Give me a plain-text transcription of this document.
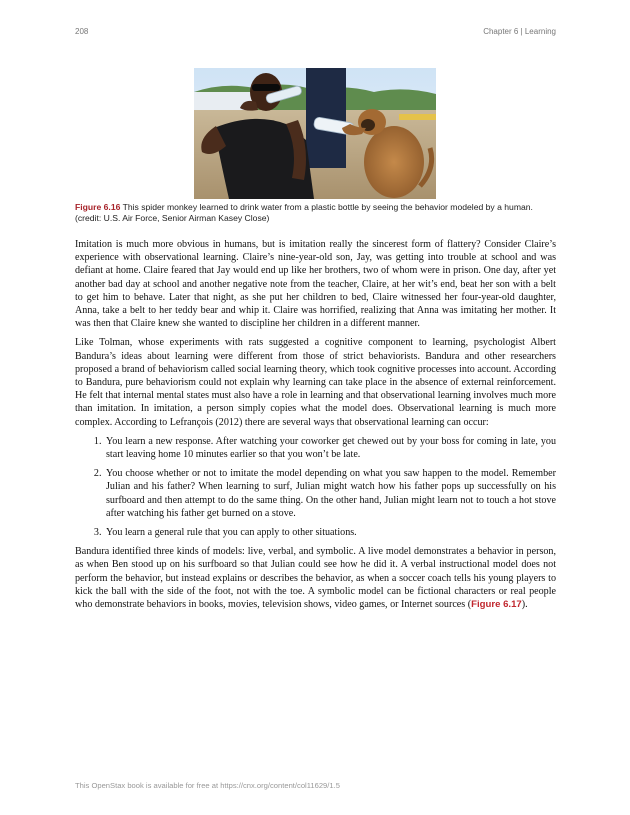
208	Chapter 6 | Learning
Figure 6.16 This spider monkey learned to drink water from a plastic bottle by seeing the behavior modeled by a human. (credit: U.S. Air Force, Senior Airman Kasey Close)

Imitation is much more obvious in humans, but is imitation really the sincerest form of flattery? Consider Claire’s experience with observational learning. Claire’s nine-year-old son, Jay, was getting into trouble at school and was defiant at home. Claire feared that Jay would end up like her brothers, two of whom were in prison. One day, after yet another bad day at school and another negative note from the teacher, Claire, at her wit’s end, beat her son with a belt to get him to behave. Later that night, as she put her children to bed, Claire witnessed her four-year-old daughter, Anna, take a belt to her teddy bear and whip it. Claire was horrified, realizing that Anna was imitating her mother. It was then that Claire knew she wanted to discipline her children in a different manner.

Like Tolman, whose experiments with rats suggested a cognitive component to learning, psychologist Albert Bandura’s ideas about learning were different from those of strict behaviorists. Bandura and other researchers proposed a brand of behaviorism called social learning theory, which took cognitive processes into account. According to Bandura, pure behaviorism could not explain why learning can take place in the absence of external reinforcement. He felt that internal mental states must also have a role in learning and that observational learning involves much more than imitation. In imitation, a person simply copies what the model does. Observational learning is much more complex. According to Lefrançois (2012) there are several ways that observational learning can occur:

1. You learn a new response. After watching your coworker get chewed out by your boss for coming in late, you start leaving home 10 minutes earlier so that you won’t be late.
2. You choose whether or not to imitate the model depending on what you saw happen to the model. Remember Julian and his father? When learning to surf, Julian might watch how his father pops up successfully on his surfboard and then attempt to do the same thing. On the other hand, Julian might learn not to touch a hot stove after watching his father get burned on a stove.
3. You learn a general rule that you can apply to other situations.

Bandura identified three kinds of models: live, verbal, and symbolic. A live model demonstrates a behavior in person, as when Ben stood up on his surfboard so that Julian could see how he did it. A verbal instructional model does not perform the behavior, but instead explains or describes the behavior, as when a soccer coach tells his young players to kick the ball with the side of the foot, not with the toe. A symbolic model can be fictional characters or real people who demonstrate behaviors in books, movies, television shows, video games, or Internet sources (Figure 6.17).

This OpenStax book is available for free at https://cnx.org/content/col11629/1.5
